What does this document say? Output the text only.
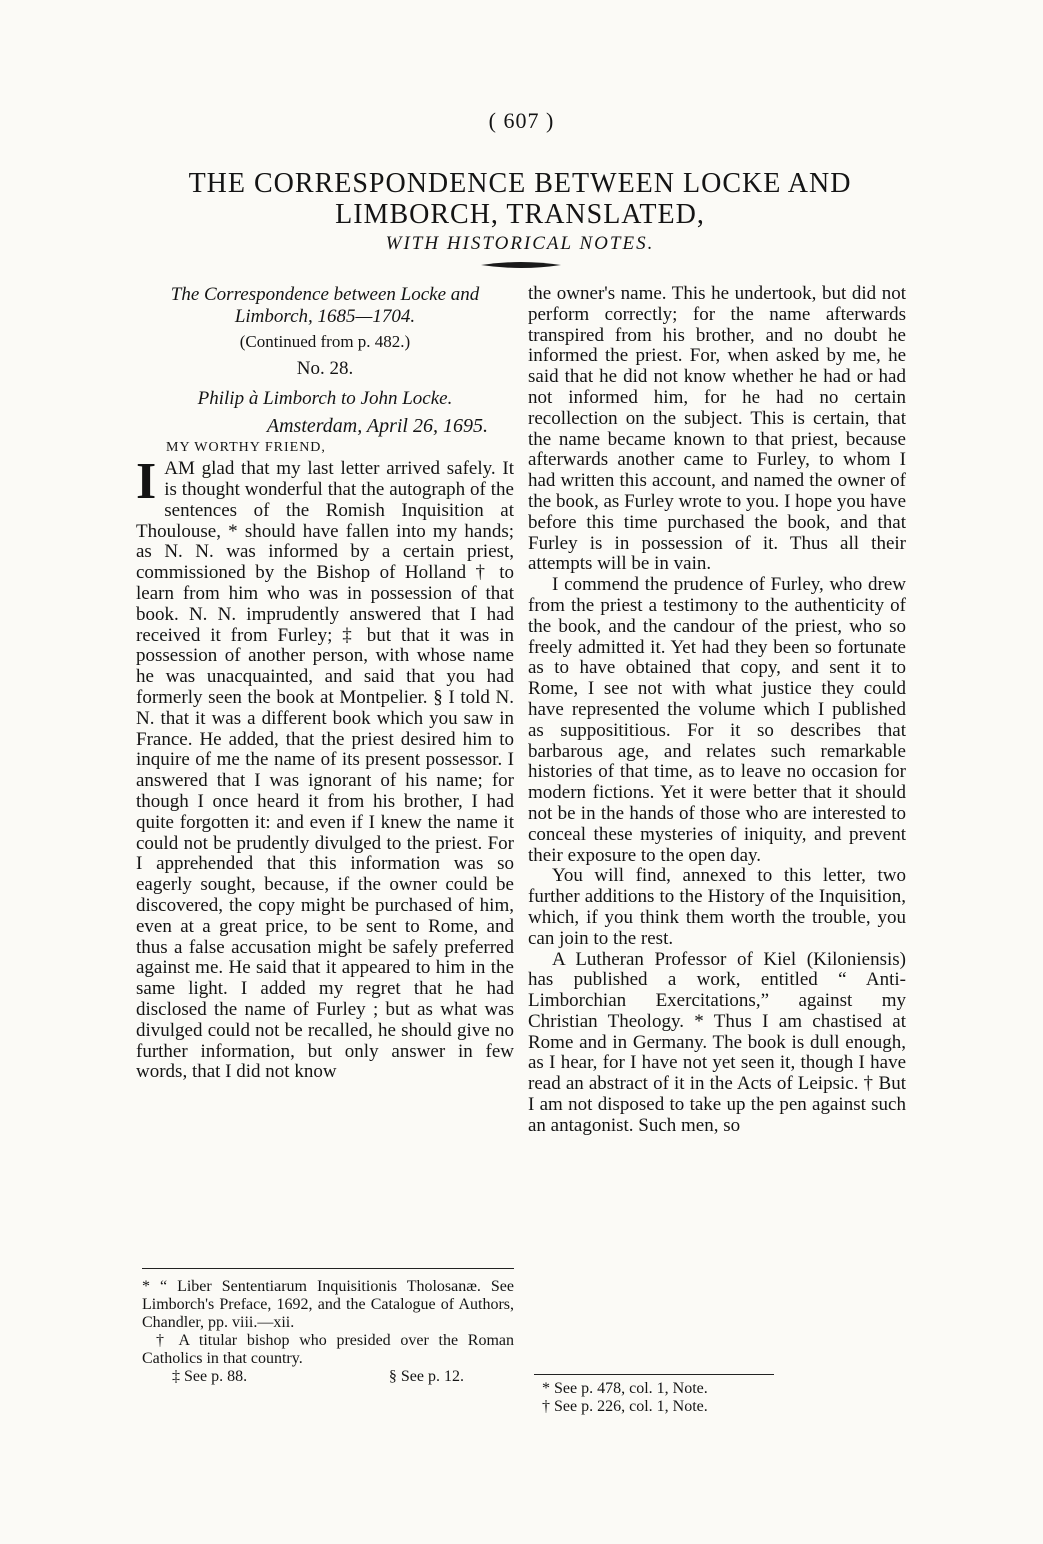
( 607 )
THE CORRESPONDENCE BETWEEN LOCKE AND
LIMBORCH, TRANSLATED,
WITH HISTORICAL NOTES.

The Correspondence between Locke and Limborch, 1685—1704.

(Continued from p. 482.)

No. 28.

Philip à Limborch to John Locke.

Amsterdam, April 26, 1695.

MY WORTHY FRIEND,

IAM glad that my last letter arrived safely. It is thought wonderful that the autograph of the sentences of the Romish Inquisition at Thoulouse, * should have fallen into my hands; as N. N. was informed by a certain priest, commissioned by the Bishop of Holland † to learn from him who was in possession of that book. N. N. imprudently answered that I had received it from Furley; ‡ but that it was in possession of another person, with whose name he was unacquainted, and said that you had formerly seen the book at Montpelier. § I told N. N. that it was a different book which you saw in France. He added, that the priest desired him to inquire of me the name of its present possessor. I answered that I was ignorant of his name; for though I once heard it from his brother, I had quite forgotten it: and even if I knew the name it could not be prudently divulged to the priest. For I apprehended that this information was so eagerly sought, because, if the owner could be discovered, the copy might be purchased of him, even at a great price, to be sent to Rome, and thus a false accusation might be safely preferred against me. He said that it appeared to him in the same light. I added my regret that he had disclosed the name of Furley ; but as what was divulged could not be recalled, he should give no further information, but only answer in few words, that I did not know

the owner's name. This he undertook, but did not perform correctly; for the name afterwards transpired from his brother, and no doubt he informed the priest. For, when asked by me, he said that he did not know whether he had or had not informed him, for he had no certain recollection on the subject. This is certain, that the name became known to that priest, because afterwards another came to Furley, to whom I had written this account, and named the owner of the book, as Furley wrote to you. I hope you have before this time purchased the book, and that Furley is in possession of it. Thus all their attempts will be in vain.

I commend the prudence of Furley, who drew from the priest a testimony to the authenticity of the book, and the candour of the priest, who so freely admitted it. Yet had they been so fortunate as to have obtained that copy, and sent it to Rome, I see not with what justice they could have represented the volume which I published as supposititious. For it so describes that barbarous age, and relates such remarkable histories of that time, as to leave no occasion for modern fictions. Yet it were better that it should not be in the hands of those who are interested to conceal these mysteries of iniquity, and prevent their exposure to the open day.

You will find, annexed to this letter, two further additions to the History of the Inquisition, which, if you think them worth the trouble, you can join to the rest.

A Lutheran Professor of Kiel (Kiloniensis) has published a work, entitled “ Anti-Limborchian Exercitations,” against my Christian Theology. * Thus I am chastised at Rome and in Germany. The book is dull enough, as I hear, for I have not yet seen it, though I have read an abstract of it in the Acts of Leipsic. † But I am not disposed to take up the pen against such an antagonist. Such men, so

* “ Liber Sententiarum Inquisitionis Tholosanæ. See Limborch's Preface, 1692, and the Catalogue of Authors, Chandler, pp. viii.—xii.

† A titular bishop who presided over the Roman Catholics in that country.

‡ See p. 88.	§ See p. 12.

* See p. 478, col. 1, Note.

† See p. 226, col. 1, Note.
